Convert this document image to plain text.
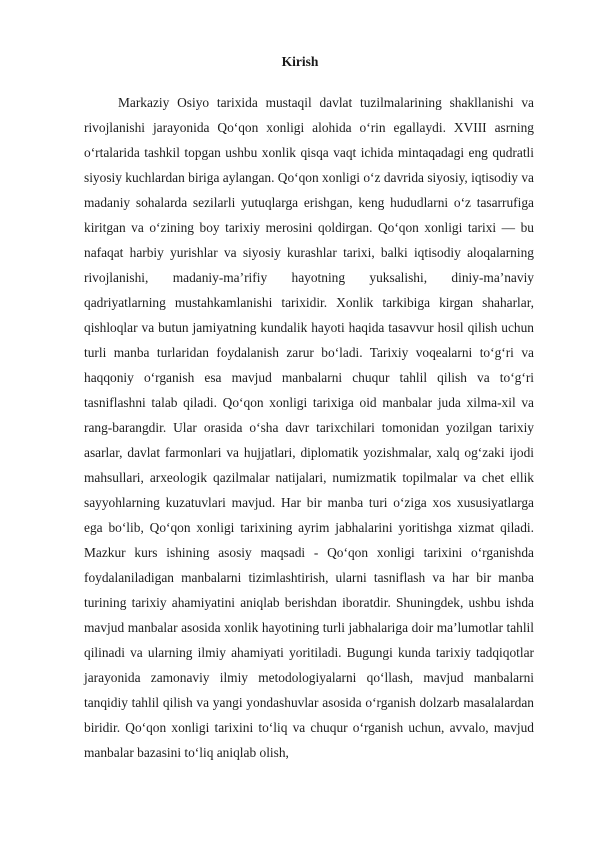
Kirish

Markaziy Osiyo tarixida mustaqil davlat tuzilmalarining shakllanishi va rivojlanishi jarayonida Qo‘qon xonligi alohida o‘rin egallaydi. XVIII asrning o‘rtalarida tashkil topgan ushbu xonlik qisqa vaqt ichida mintaqadagi eng qudratli siyosiy kuchlardan biriga aylangan. Qo‘qon xonligi o‘z davrida siyosiy, iqtisodiy va madaniy sohalarda sezilarli yutuqlarga erishgan, keng hududlarni o‘z tasarrufiga kiritgan va o‘zining boy tarixiy merosini qoldirgan. Qo‘qon xonligi tarixi — bu nafaqat harbiy yurishlar va siyosiy kurashlar tarixi, balki iqtisodiy aloqalarning rivojlanishi, madaniy-ma’rifiy hayotning yuksalishi, diniy-ma’naviy qadriyatlarning mustahkamlanishi tarixidir. Xonlik tarkibiga kirgan shaharlar, qishloqlar va butun jamiyatning kundalik hayoti haqida tasavvur hosil qilish uchun turli manba turlaridan foydalanish zarur bo‘ladi. Tarixiy voqealarni to‘g‘ri va haqqoniy o‘rganish esa mavjud manbalarni chuqur tahlil qilish va to‘g‘ri tasniflashni talab qiladi. Qo‘qon xonligi tarixiga oid manbalar juda xilma-xil va rang-barangdir. Ular orasida o‘sha davr tarixchilari tomonidan yozilgan tarixiy asarlar, davlat farmonlari va hujjatlari, diplomatik yozishmalar, xalq og‘zaki ijodi mahsullari, arxeologik qazilmalar natijalari, numizmatik topilmalar va chet ellik sayyohlarning kuzatuvlari mavjud. Har bir manba turi o‘ziga xos xususiyatlarga ega bo‘lib, Qo‘qon xonligi tarixining ayrim jabhalarini yoritishga xizmat qiladi. Mazkur kurs ishining asosiy maqsadi - Qo‘qon xonligi tarixini o‘rganishda foydalaniladigan manbalarni tizimlashtirish, ularni tasniflash va har bir manba turining tarixiy ahamiyatini aniqlab berishdan iboratdir. Shuningdek, ushbu ishda mavjud manbalar asosida xonlik hayotining turli jabhalariga doir ma’lumotlar tahlil qilinadi va ularning ilmiy ahamiyati yoritiladi. Bugungi kunda tarixiy tadqiqotlar jarayonida zamonaviy ilmiy metodologiyalarni qo‘llash, mavjud manbalarni tanqidiy tahlil qilish va yangi yondashuvlar asosida o‘rganish dolzarb masalalardan biridir. Qo‘qon xonligi tarixini to‘liq va chuqur o‘rganish uchun, avvalo, mavjud manbalar bazasini to‘liq aniqlab olish,
